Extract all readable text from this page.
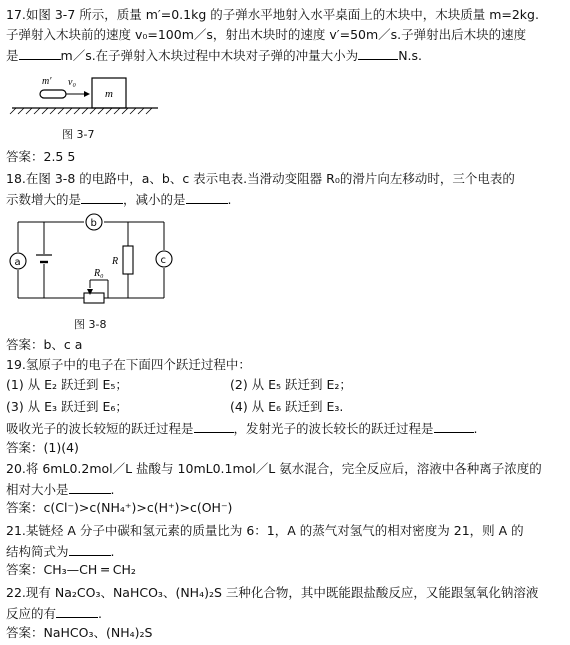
17.如图 3-7 所示，质量 m′=0.1kg 的子弹水平地射入水平桌面上的木块中，木块质量 m=2kg.
子弹射入木块前的速度 v₀=100m／s，射出木块时的速度 v′=50m／s.子弹射出后木块的速度
是	m／s.在子弹射入木块过程中木块对子弹的冲量大小为	N.s.
m′ v₀
m
图 3-7
答案：2.5 5
18.在图 3-8 的电路中，a、b、c 表示电表.当滑动变阻器 R₀的滑片向左移动时，三个电表的
示数增大的是	，减小的是	.
R
R₀
a
b
c
图 3-8
答案：b、c a
19.氢原子中的电子在下面四个跃迁过程中：
(1) 从 E₂ 跃迁到 E₅；	(2) 从 E₅ 跃迁到 E₂；
(3) 从 E₃ 跃迁到 E₆；	(4) 从 E₆ 跃迁到 E₃.
吸收光子的波长较短的跃迁过程是	，发射光子的波长较长的跃迁过程是	.
答案：(1)(4)
20.将 6mL0.2mol／L 盐酸与 10mL0.1mol／L 氨水混合，完全反应后，溶液中各种离子浓度的
相对大小是	.
答案：c(Cl⁻)>c(NH₄⁺)>c(H⁺)>c(OH⁻)
21.某链烃 A 分子中碳和氢元素的质量比为 6：1，A 的蒸气对氢气的相对密度为 21，则 A 的
结构简式为	.
答案：CH₃—CH ═ CH₂
22.现有 Na₂CO₃、NaHCO₃、(NH₄)₂S 三种化合物，其中既能跟盐酸反应，又能跟氢氧化钠溶液
反应的有	.
答案：NaHCO₃、(NH₄)₂S
